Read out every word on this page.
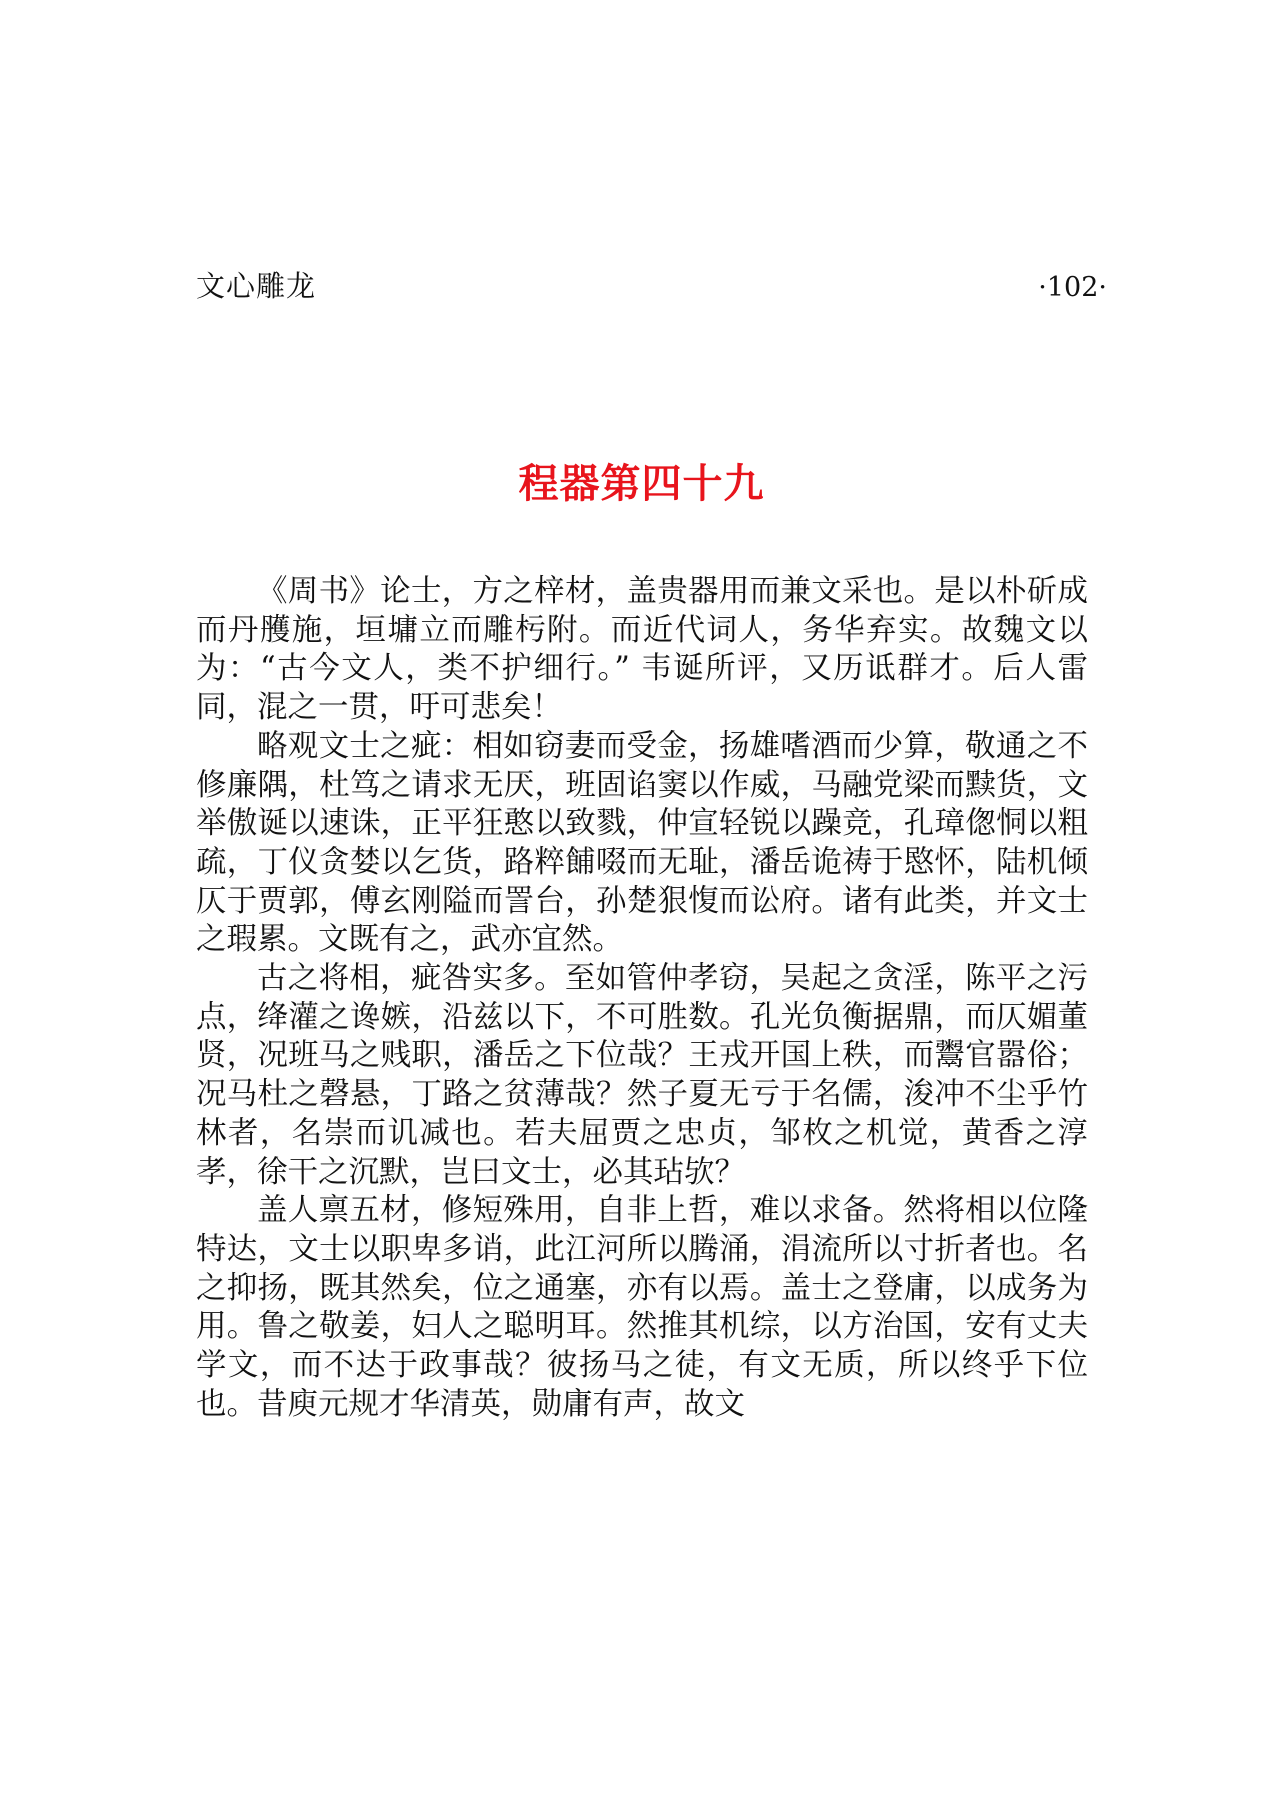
文心雕龙	·102·
程器第四十九

《周书》论士，方之梓材，盖贵器用而兼文采也。是以朴斫成而丹雘施，垣墉立而雕杇附。而近代词人，务华弃实。故魏文以为：“古今文人，类不护细行。” 韦诞所评，又历诋群才。后人雷同，混之一贯，吁可悲矣！

略观文士之疵：相如窃妻而受金，扬雄嗜酒而少算，敬通之不修廉隅，杜笃之请求无厌，班固谄窦以作威，马融党梁而黩货，文举傲诞以速诛，正平狂憨以致戮，仲宣轻锐以躁竞，孔璋偬恫以粗疏，丁仪贪婪以乞货，路粹餔啜而无耻，潘岳诡祷于愍怀，陆机倾仄于贾郭，傅玄刚隘而詈台，孙楚狠愎而讼府。诸有此类，并文士之瑕累。文既有之，武亦宜然。

古之将相，疵咎实多。至如管仲孝窃，吴起之贪淫，陈平之污点，绛灌之谗嫉，沿兹以下，不可胜数。孔光负衡据鼎，而仄媚董贤，况班马之贱职，潘岳之下位哉？王戎开国上秩，而鬻官嚣俗；况马杜之磬悬，丁路之贫薄哉？然子夏无亏于名儒，浚冲不尘乎竹林者，名崇而讥减也。若夫屈贾之忠贞，邹枚之机觉，黄香之淳孝，徐干之沉默，岂曰文士，必其玷欤？

盖人禀五材，修短殊用，自非上哲，难以求备。然将相以位隆特达，文士以职卑多诮，此江河所以腾涌，涓流所以寸折者也。名之抑扬，既其然矣，位之通塞，亦有以焉。盖士之登庸，以成务为用。鲁之敬姜，妇人之聪明耳。然推其机综，以方治国，安有丈夫学文，而不达于政事哉？彼扬马之徒，有文无质，所以终乎下位也。昔庾元规才华清英，勋庸有声，故文
